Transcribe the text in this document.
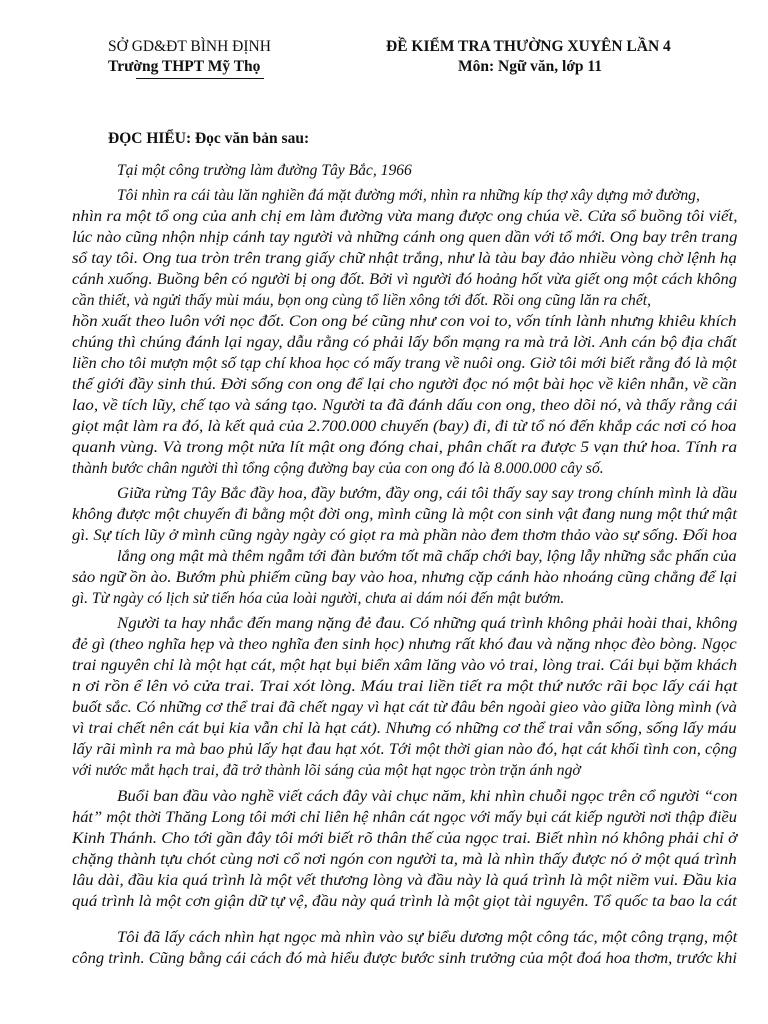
SỞ GD&ĐT BÌNH ĐỊNH
Trường THPT Mỹ Thọ
ĐỀ KIỂM TRA THƯỜNG XUYÊN LẦN 4
Môn: Ngữ văn, lớp 11
ĐỌC HIỂU: Đọc văn bản sau:
Tại một công trường làm đường Tây Bắc, 1966
Tôi nhìn ra cái tàu lăn nghiền đá mặt đường mới, nhìn ra những kíp thợ xây dựng mở đường,
nhìn ra một tổ ong của anh chị em làm đường vừa mang được ong chúa về. Cửa sổ buồng tôi viết,
lúc nào cũng nhộn nhịp cánh tay người và những cánh ong quen dần với tổ mới. Ong bay trên trang
sổ tay tôi. Ong tua tròn trên trang giấy chữ nhật trắng, như là tàu bay đảo nhiều vòng chờ lệnh hạ
cánh xuống. Buồng bên có người bị ong đốt. Bởi vì người đó hoảng hốt vừa giết ong một cách không
cần thiết, và ngửi thấy mùi máu, bọn ong cùng tổ liền xông tới đốt. Rồi ong cũng lăn ra chết,
hồn xuất theo luôn với nọc đốt. Con ong bé cũng như con voi to, vốn tính lành nhưng khiêu khích
chúng thì chúng đánh lại ngay, dẫu rằng có phải lấy bổn mạng ra mà trả lời. Anh cán bộ địa chất
liền cho tôi mượn một số tạp chí khoa học có mấy trang về nuôi ong. Giờ tôi mới biết rằng đó là một
thế giới đầy sinh thú. Đời sống con ong để lại cho người đọc nó một bài học về kiên nhẫn, về cần
lao, về tích lũy, chế tạo và sáng tạo. Người ta đã đánh dấu con ong, theo dõi nó, và thấy rằng cái
giọt mật làm ra đó, là kết quả của 2.700.000 chuyến (bay) đi, đi từ tổ nó đến khắp các nơi có hoa
quanh vùng. Và trong một nửa lít mật ong đóng chai, phân chất ra được 5 vạn thứ hoa. Tính ra
thành bước chân người thì tổng cộng đường bay của con ong đó là 8.000.000 cây số.
Giữa rừng Tây Bắc đầy hoa, đầy bướm, đầy ong, cái tôi thấy say say trong chính mình là dầu
không được một chuyến đi bằng một đời ong, mình cũng là một con sinh vật đang nung một thứ mật
gì. Sự tích lũy ở mình cũng ngày ngày có giọt ra mà phần nào đem thơm thảo vào sự sống. Đối hoa
lắng ong mật mà thêm ngẫm tới đàn bướm tốt mã chấp chới bay, lộng lẫy những sắc phấn của
sảo ngữ ồn ào. Bướm phù phiếm cũng bay vào hoa, nhưng cặp cánh hào nhoáng cũng chẳng để lại
gì. Từ ngày có lịch sử tiến hóa của loài người, chưa ai dám nói đến mật bướm.
Người ta hay nhắc đến mang nặng đẻ đau. Có những quá trình không phải hoài thai, không
đẻ gì (theo nghĩa hẹp và theo nghĩa đen sinh học) nhưng rất khó đau và nặng nhọc đèo bòng. Ngọc
trai nguyên chỉ là một hạt cát, một hạt bụi biển xâm lăng vào vỏ trai, lòng trai. Cái bụi bặm khách
n ơi rồn ể lên vỏ cửa trai. Trai xót lòng. Máu trai liền tiết ra một thứ nước rãi bọc lấy cái hạt
buốt sắc. Có những cơ thể trai đã chết ngay vì hạt cát từ đâu bên ngoài gieo vào giữa lòng mình (và
vì trai chết nên cát bụi kia vẫn chỉ là hạt cát). Nhưng có những cơ thể trai vẫn sống, sống lấy máu
lấy rãi mình ra mà bao phủ lấy hạt đau hạt xót. Tới một thời gian nào đó, hạt cát khối tình con, cộng
với nước mắt hạch trai, đã trở thành lõi sáng của một hạt ngọc tròn trặn ánh ngờ
Buổi ban đầu vào nghề viết cách đây vài chục năm, khi nhìn chuỗi ngọc trên cổ người “con
hát” một thời Thăng Long tôi mới chỉ liên hệ nhân cát ngọc với mấy bụi cát kiếp người nơi thập điều
Kinh Thánh. Cho tới gần đây tôi mới biết rõ thân thế của ngọc trai. Biết nhìn nó không phải chỉ ở
chặng thành tựu chót cùng nơi cổ nơi ngón con người ta, mà là nhìn thấy được nó ở một quá trình
lâu dài, đầu kia quá trình là một vết thương lòng và đầu này là quá trình là một niềm vui. Đầu kia
quá trình là một cơn giận dữ tự vệ, đầu này quá trình là một giọt tài nguyên. Tổ quốc ta bao la cát
Tôi đã lấy cách nhìn hạt ngọc mà nhìn vào sự biểu dương một công tác, một công trạng, một
công trình. Cũng bằng cái cách đó mà hiểu được bước sinh trưởng của một đoá hoa thơm, trước khi
